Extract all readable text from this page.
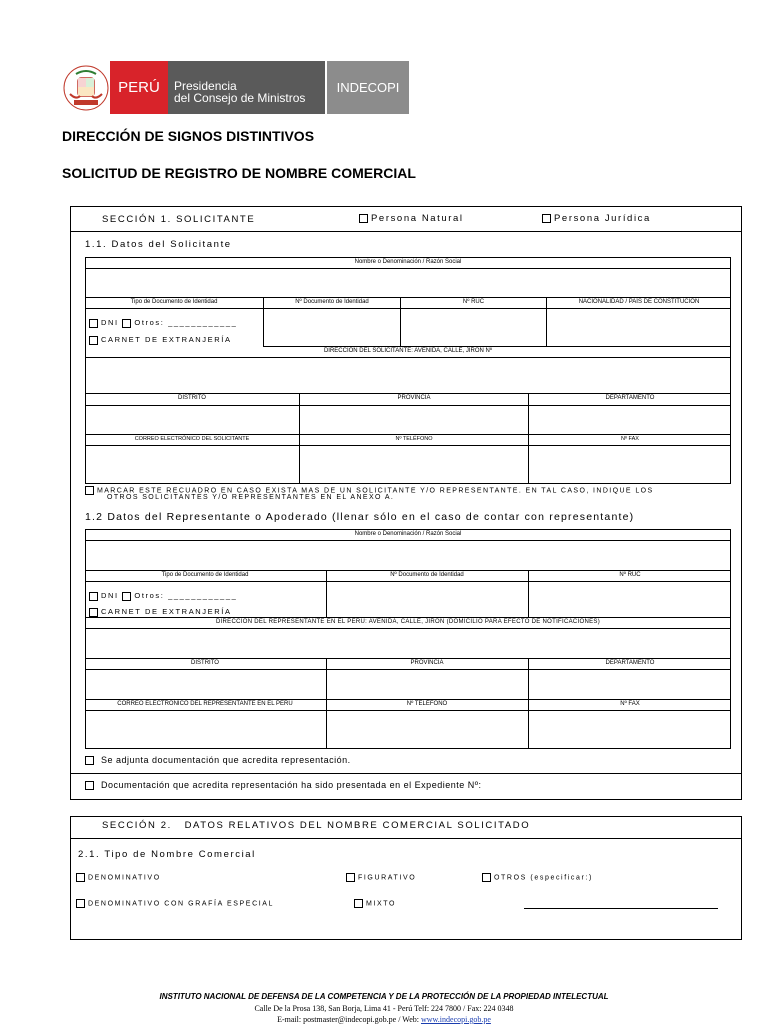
PERÚ	Presidencia
del Consejo de Ministros
INDECOPI
DIRECCIÓN DE SIGNOS DISTINTIVOS
SOLICITUD DE REGISTRO DE NOMBRE COMERCIAL
SECCIÓN 1. SOLICITANTE	Persona Natural	Persona Jurídica
1.1. Datos del Solicitante
Nombre o Denominación / Razón Social
Tipo de Documento de Identidad	Nº Documento de Identidad	Nº RUC	NACIONALIDAD / PAÍS DE CONSTITUCIÓN
DNI Otros: ____________
CARNET DE EXTRANJERÍA
DIRECCIÓN DEL SOLICITANTE: AVENIDA, CALLE, JIRÓN Nº
DISTRITO	PROVINCIA	DEPARTAMENTO
CORREO ELECTRÓNICO DEL SOLICITANTE	Nº TELÉFONO	Nº FAX
MARCAR ESTE RECUADRO EN CASO EXISTA MAS DE UN SOLICITANTE Y/O REPRESENTANTE. EN TAL CASO, INDIQUE LOS
OTROS SOLICITANTES Y/O REPRESENTANTES EN EL ANEXO A.
1.2 Datos del Representante o Apoderado (llenar sólo en el caso de contar con representante)
Nombre o Denominación / Razón Social
Tipo de Documento de Identidad	Nº Documento de Identidad	Nº RUC
DNI Otros: ____________
CARNET DE EXTRANJERÍA
DIRECCIÓN DEL REPRESENTANTE EN EL PERÚ: AVENIDA, CALLE, JIRÓN (DOMICILIO PARA EFECTO DE NOTIFICACIONES)
DISTRITO	PROVINCIA	DEPARTAMENTO
CORREO ELECTRÓNICO DEL REPRESENTANTE EN EL PERÚ	Nº TELÉFONO	Nº FAX
Se adjunta documentación que acredita representación.
Documentación que acredita representación ha sido presentada en el Expediente Nº:
SECCIÓN 2.   DATOS RELATIVOS DEL NOMBRE COMERCIAL SOLICITADO
2.1. Tipo de Nombre Comercial
DENOMINATIVO	FIGURATIVO	OTROS (especificar:)
DENOMINATIVO CON GRAFÍA ESPECIAL	MIXTO
INSTITUTO NACIONAL DE DEFENSA DE LA COMPETENCIA Y DE LA PROTECCIÓN DE LA PROPIEDAD INTELECTUAL
Calle De la Prosa 138, San Borja, Lima 41 - Perú Telf: 224 7800 / Fax: 224 0348
E-mail: postmaster@indecopi.gob.pe / Web: www.indecopi.gob.pe
